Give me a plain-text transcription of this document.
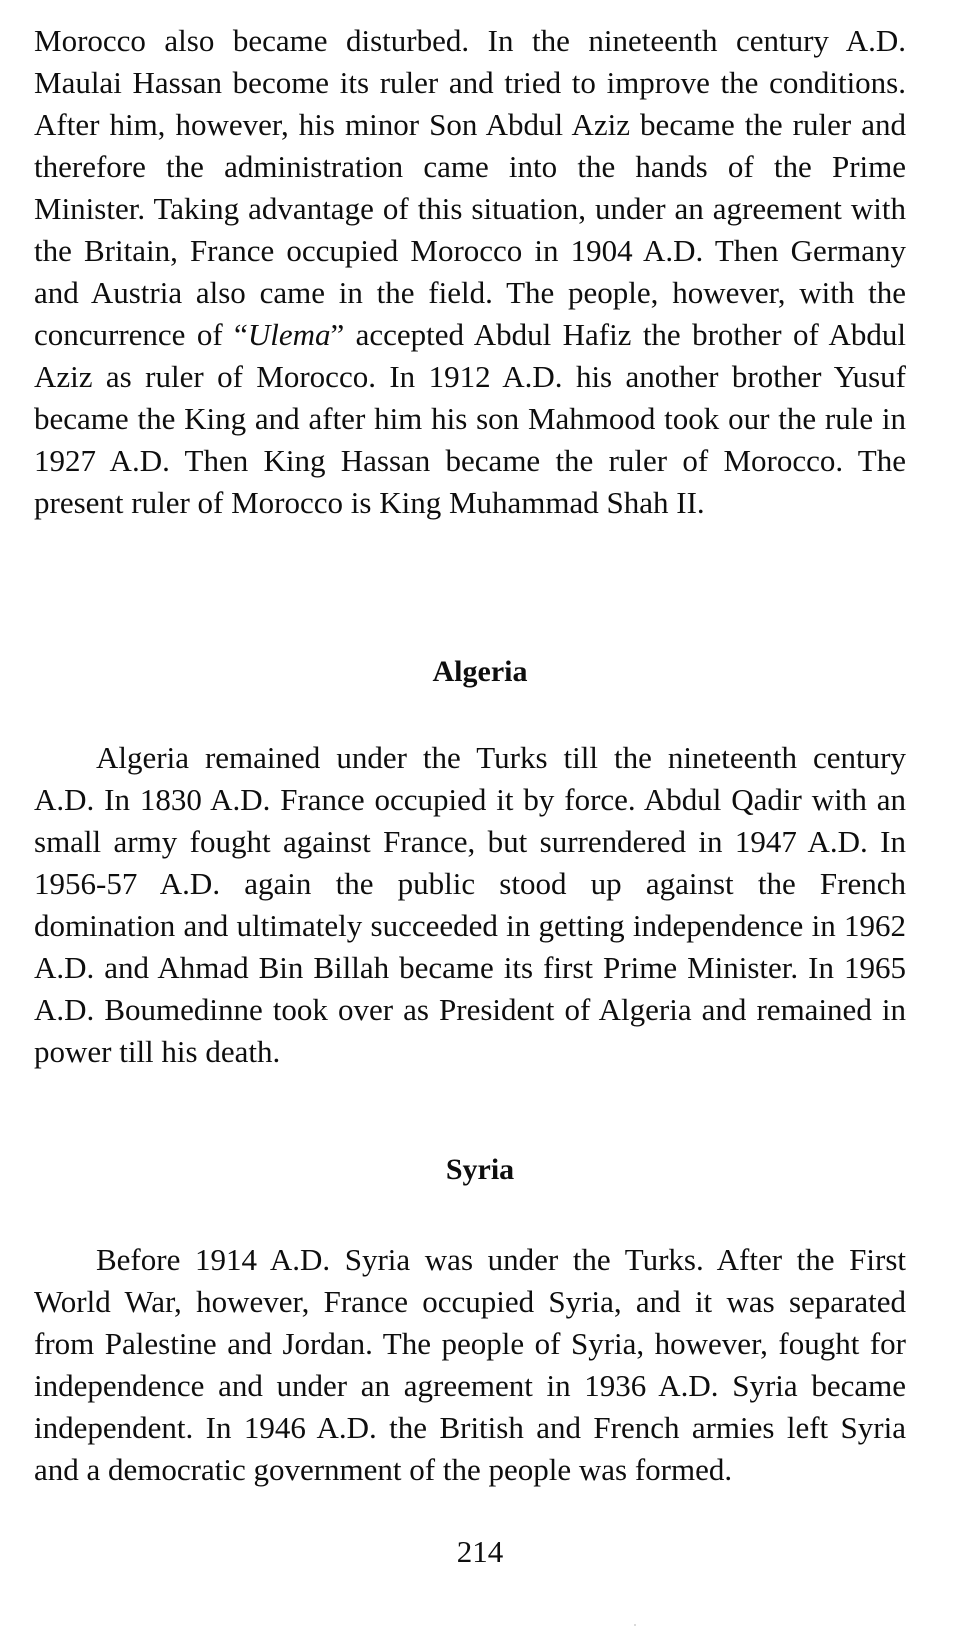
Morocco also became disturbed. In the nineteenth century A.D. Maulai Hassan become its ruler and tried to improve the conditions. After him, however, his minor Son Abdul Aziz became the ruler and therefore the administration came into the hands of the Prime Minister. Taking advantage of this situation, under an agreement with the Britain, France occupied Morocco in 1904 A.D. Then Germany and Austria also came in the field. The people, however, with the concurrence of “Ulema” accepted Abdul Hafiz the brother of Abdul Aziz as ruler of Morocco. In 1912 A.D. his another brother Yusuf became the King and after him his son Mahmood took our the rule in 1927 A.D. Then King Hassan became the ruler of Morocco. The present ruler of Morocco is King Muhammad Shah II.

Algeria

Algeria remained under the Turks till the nineteenth century A.D. In 1830 A.D. France occupied it by force. Abdul Qadir with an small army fought against France, but surrendered in 1947 A.D. In 1956-57 A.D. again the public stood up against the French domination and ultimately succeeded in getting independence in 1962 A.D. and Ahmad Bin Billah became its first Prime Minister. In 1965 A.D. Boumedinne took over as President of Algeria and remained in power till his death.

Syria

Before 1914 A.D. Syria was under the Turks. After the First World War, however, France occupied Syria, and it was separated from Palestine and Jordan. The people of Syria, however, fought for independence and under an agreement in 1936 A.D. Syria became independent. In 1946 A.D. the British and French armies left Syria and a democratic government of the people was formed.

214
